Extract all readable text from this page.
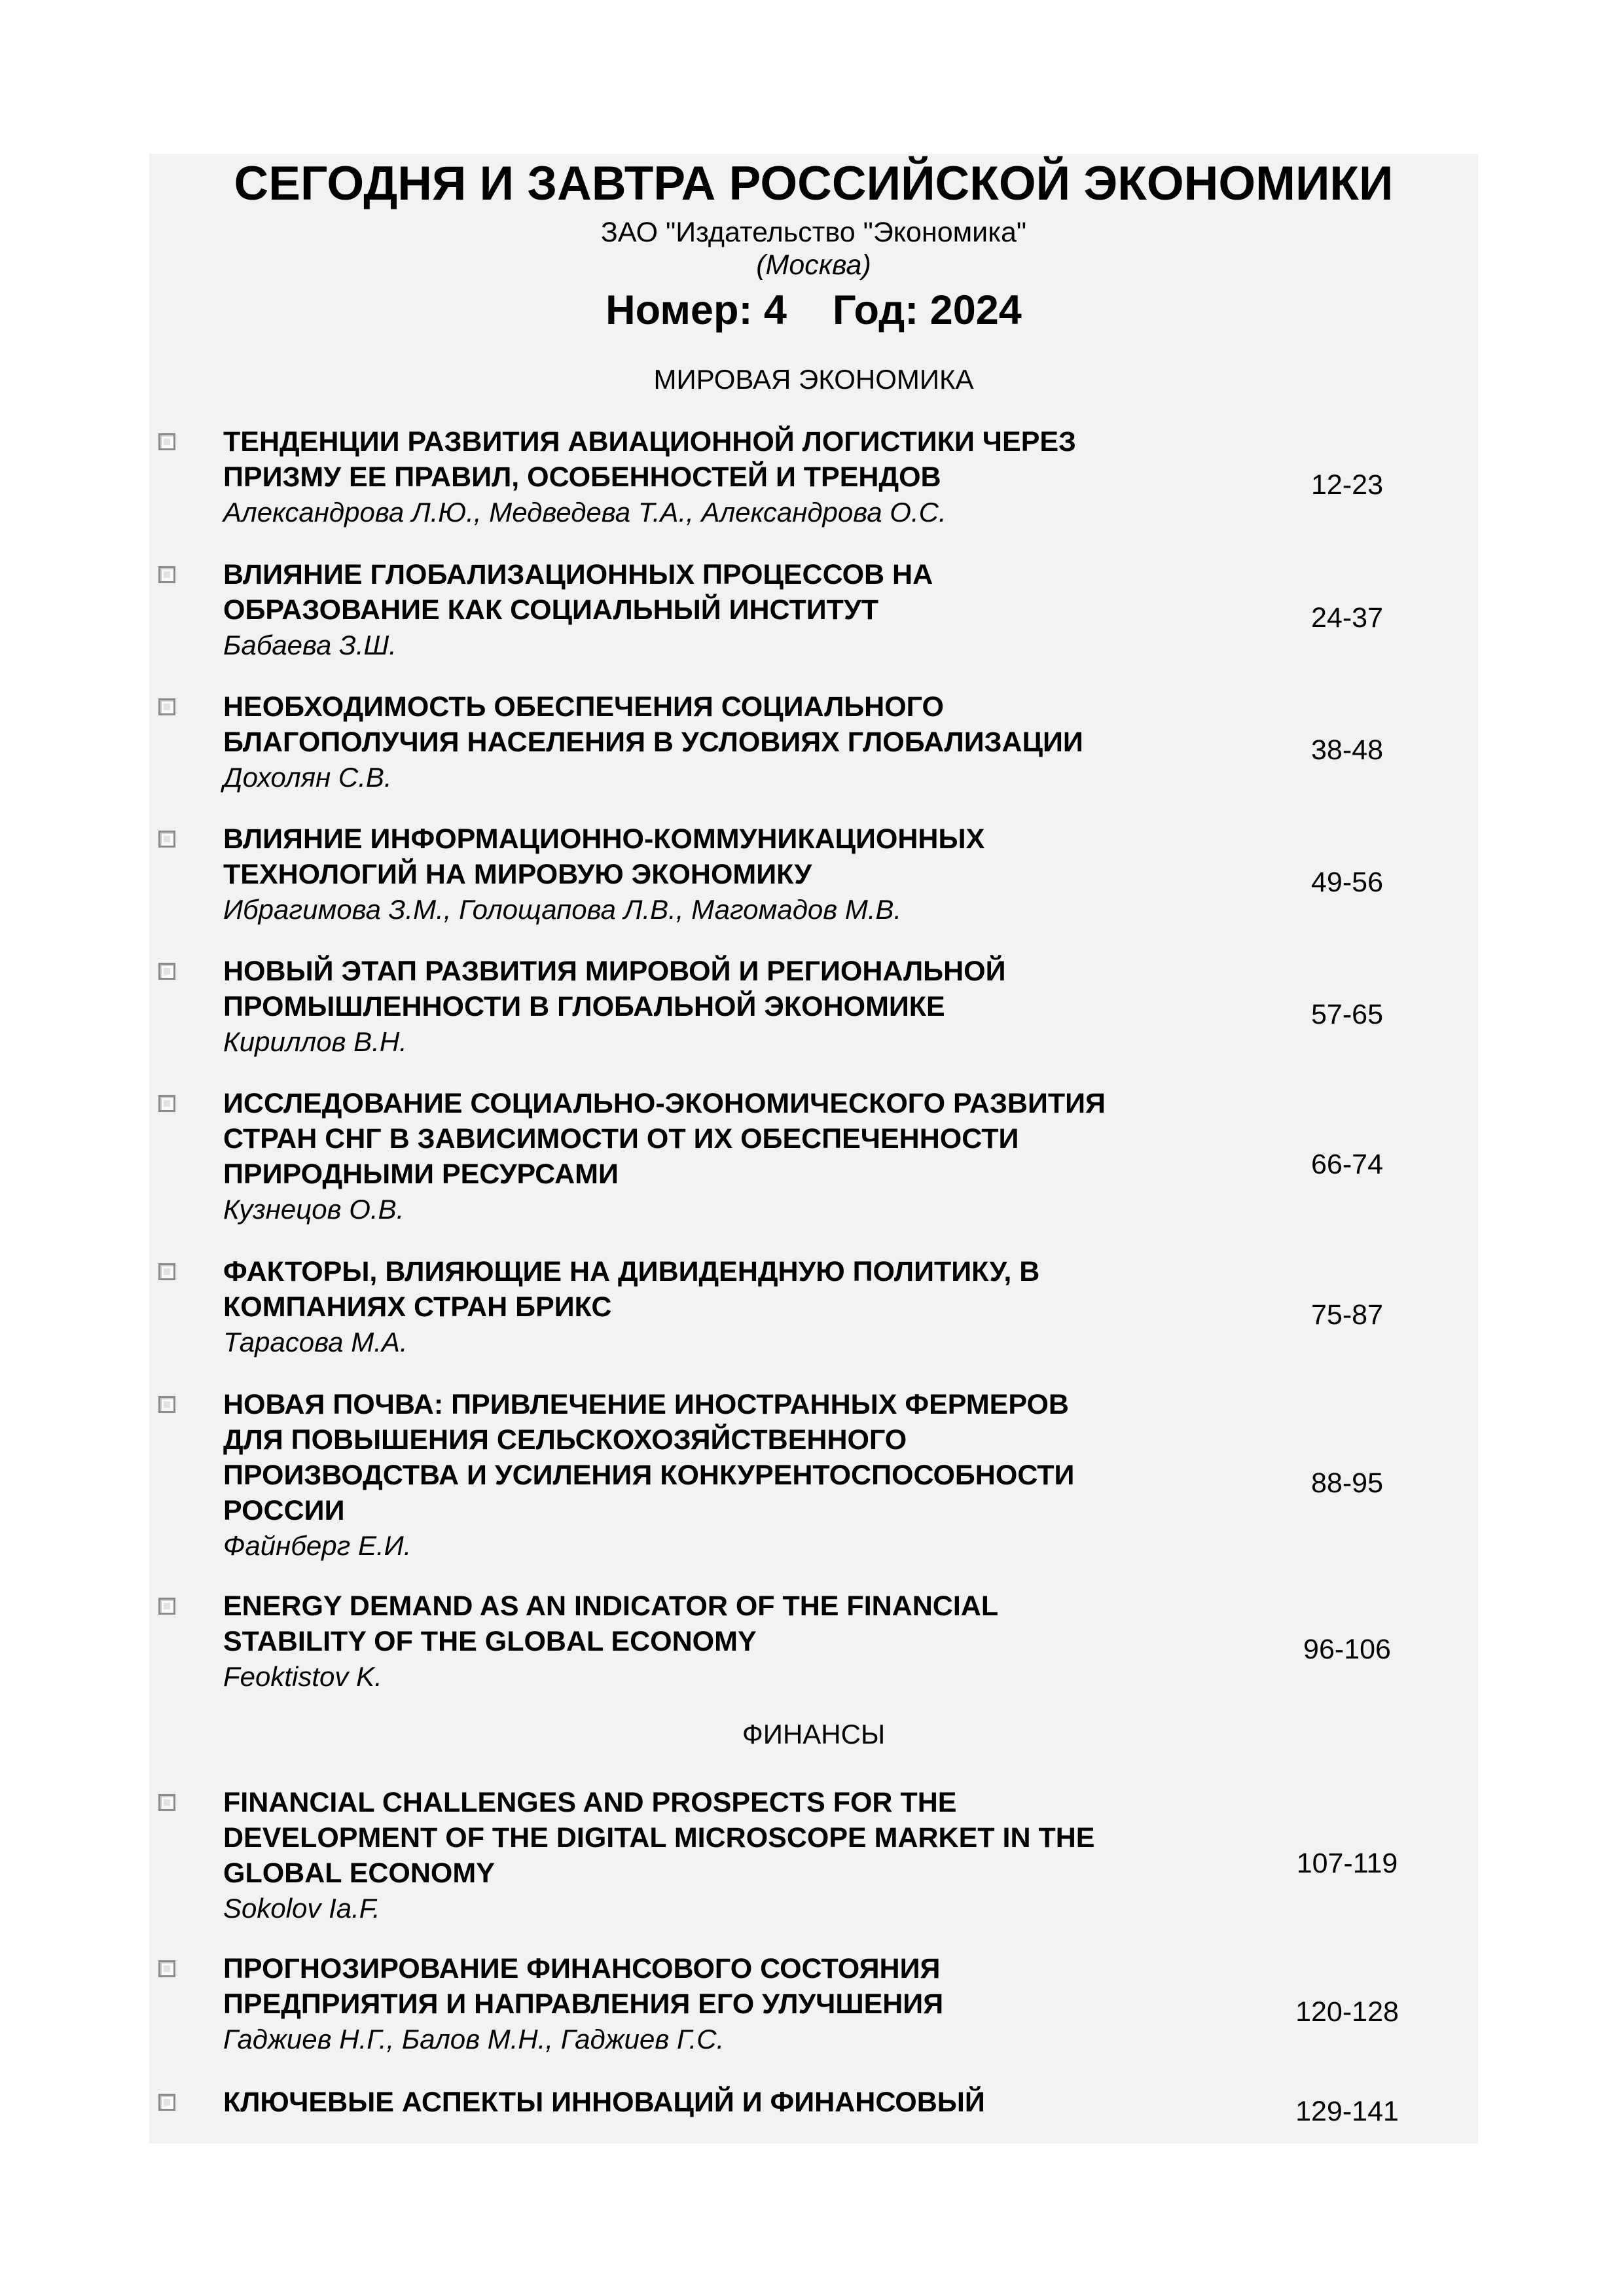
СЕГОДНЯ И ЗАВТРА РОССИЙСКОЙ ЭКОНОМИКИ
ЗАО "Издательство "Экономика"
(Москва)
Номер: 4 Год: 2024
МИРОВАЯ ЭКОНОМИКА
ТЕНДЕНЦИИ РАЗВИТИЯ АВИАЦИОННОЙ ЛОГИСТИКИ ЧЕРЕЗ
ПРИЗМУ ЕЕ ПРАВИЛ, ОСОБЕННОСТЕЙ И ТРЕНДОВ
Александрова Л.Ю., Медведева Т.А., Александрова О.С.
12-23
ВЛИЯНИЕ ГЛОБАЛИЗАЦИОННЫХ ПРОЦЕССОВ НА
ОБРАЗОВАНИЕ КАК СОЦИАЛЬНЫЙ ИНСТИТУТ
Бабаева З.Ш.
24-37
НЕОБХОДИМОСТЬ ОБЕСПЕЧЕНИЯ СОЦИАЛЬНОГО
БЛАГОПОЛУЧИЯ НАСЕЛЕНИЯ В УСЛОВИЯХ ГЛОБАЛИЗАЦИИ
Дохолян С.В.
38-48
ВЛИЯНИЕ ИНФОРМАЦИОННО-КОММУНИКАЦИОННЫХ
ТЕХНОЛОГИЙ НА МИРОВУЮ ЭКОНОМИКУ
Ибрагимова З.М., Голощапова Л.В., Магомадов М.В.
49-56
НОВЫЙ ЭТАП РАЗВИТИЯ МИРОВОЙ И РЕГИОНАЛЬНОЙ
ПРОМЫШЛЕННОСТИ В ГЛОБАЛЬНОЙ ЭКОНОМИКЕ
Кириллов В.Н.
57-65
ИССЛЕДОВАНИЕ СОЦИАЛЬНО-ЭКОНОМИЧЕСКОГО РАЗВИТИЯ
СТРАН СНГ В ЗАВИСИМОСТИ ОТ ИХ ОБЕСПЕЧЕННОСТИ
ПРИРОДНЫМИ РЕСУРСАМИ
Кузнецов О.В.
66-74
ФАКТОРЫ, ВЛИЯЮЩИЕ НА ДИВИДЕНДНУЮ ПОЛИТИКУ, В
КОМПАНИЯХ СТРАН БРИКС
Тарасова М.А.
75-87
НОВАЯ ПОЧВА: ПРИВЛЕЧЕНИЕ ИНОСТРАННЫХ ФЕРМЕРОВ
ДЛЯ ПОВЫШЕНИЯ СЕЛЬСКОХОЗЯЙСТВЕННОГО
ПРОИЗВОДСТВА И УСИЛЕНИЯ КОНКУРЕНТОСПОСОБНОСТИ
РОССИИ
Файнберг Е.И.
88-95
ENERGY DEMAND AS AN INDICATOR OF THE FINANCIAL
STABILITY OF THE GLOBAL ECONOMY
Feoktistov K.
96-106
ФИНАНСЫ
FINANCIAL CHALLENGES AND PROSPECTS FOR THE
DEVELOPMENT OF THE DIGITAL MICROSCOPE MARKET IN THE
GLOBAL ECONOMY
Sokolov Ia.F.
107-119
ПРОГНОЗИРОВАНИЕ ФИНАНСОВОГО СОСТОЯНИЯ
ПРЕДПРИЯТИЯ И НАПРАВЛЕНИЯ ЕГО УЛУЧШЕНИЯ
Гаджиев Н.Г., Балов М.Н., Гаджиев Г.С.
120-128
КЛЮЧЕВЫЕ АСПЕКТЫ ИННОВАЦИЙ И ФИНАНСОВЫЙ	129-141
